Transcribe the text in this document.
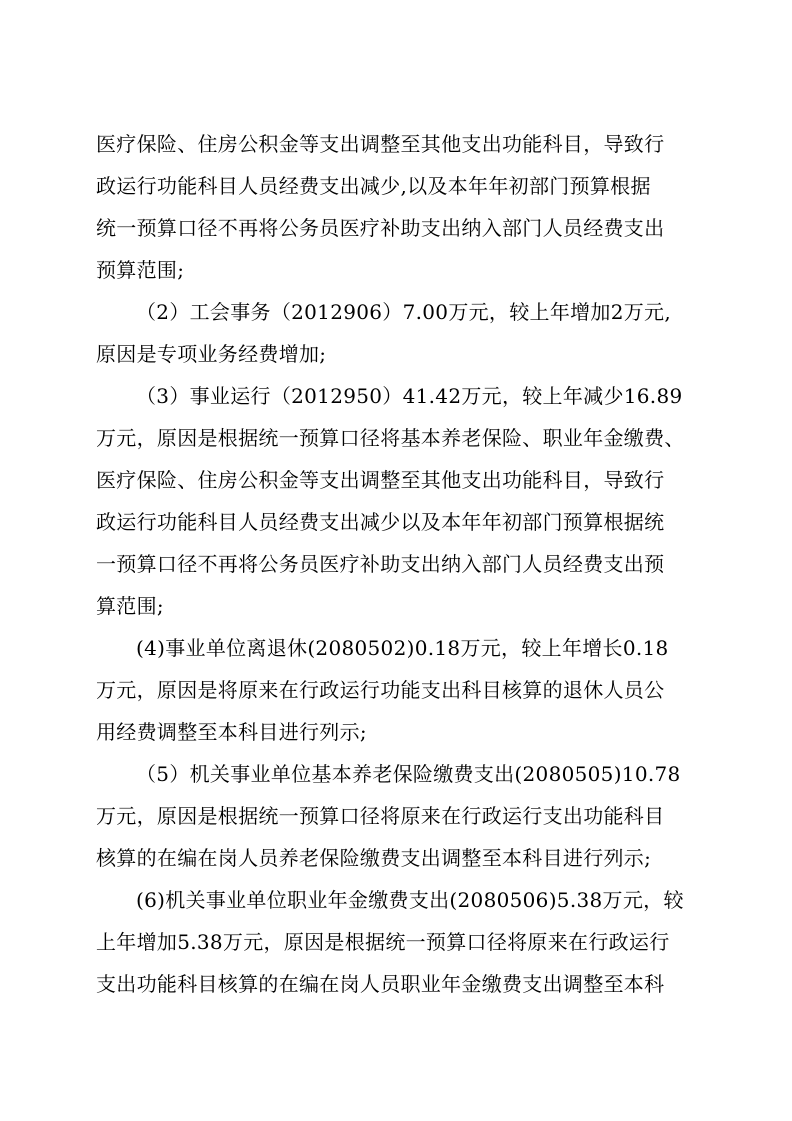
医疗保险、住房公积金等支出调整至其他支出功能科目，导致行
政运行功能科目人员经费支出减少,以及本年年初部门预算根据
统一预算口径不再将公务员医疗补助支出纳入部门人员经费支出
预算范围;
（2）工会事务（2012906）7.00万元，较上年增加2万元,
原因是专项业务经费增加;
（3）事业运行（2012950）41.42万元，较上年减少16.89
万元，原因是根据统一预算口径将基本养老保险、职业年金缴费、
医疗保险、住房公积金等支出调整至其他支出功能科目，导致行
政运行功能科目人员经费支出减少以及本年年初部门预算根据统
一预算口径不再将公务员医疗补助支出纳入部门人员经费支出预
算范围;
(4)事业单位离退休(2080502)0.18万元，较上年增长0.18
万元，原因是将原来在行政运行功能支出科目核算的退休人员公
用经费调整至本科目进行列示;
（5）机关事业单位基本养老保险缴费支出(2080505)10.78
万元，原因是根据统一预算口径将原来在行政运行支出功能科目
核算的在编在岗人员养老保险缴费支出调整至本科目进行列示;
(6)机关事业单位职业年金缴费支出(2080506)5.38万元，较
上年增加5.38万元，原因是根据统一预算口径将原来在行政运行
支出功能科目核算的在编在岗人员职业年金缴费支出调整至本科
